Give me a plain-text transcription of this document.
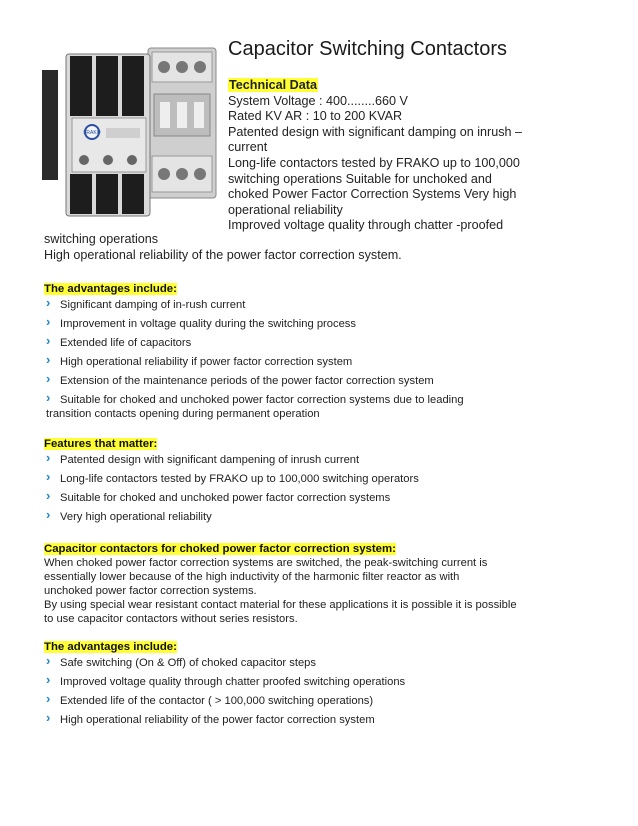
FRAKO
Capacitor Switching Contactors
Technical Data
System Voltage : 400........660 V
Rated KV AR : 10 to 200 KVAR
Patented design with significant damping on inrush –
current
Long-life contactors tested by FRAKO up to 100,000
switching operations Suitable for unchoked and
choked Power Factor Correction Systems Very high
operational reliability
Improved voltage quality through chatter -proofed
switching operations
High operational reliability of the power factor correction system.
The advantages include:
› Significant damping of in-rush current
› Improvement in voltage quality during the switching process
› Extended life of capacitors
› High operational reliability if power factor correction system
› Extension of the maintenance periods of the power factor correction system
› Suitable for choked and unchoked power factor correction systems due to leading
transition contacts opening during permanent operation
Features that matter:
› Patented design with significant dampening of inrush current
› Long-life contactors tested by FRAKO up to 100,000 switching operators
› Suitable for choked and unchoked power factor correction systems
› Very high operational reliability
Capacitor contactors for choked power factor correction system:
When choked power factor correction systems are switched, the peak-switching current is
essentially lower because of the high inductivity of the harmonic filter reactor as with
unchoked power factor correction systems.
By using special wear resistant contact material for these applications it is possible it is possible
to use capacitor contactors without series resistors.
The advantages include:
› Safe switching (On & Off) of choked capacitor steps
› Improved voltage quality through chatter proofed switching operations
› Extended life of the contactor ( > 100,000 switching operations)
› High operational reliability of the power factor correction system
